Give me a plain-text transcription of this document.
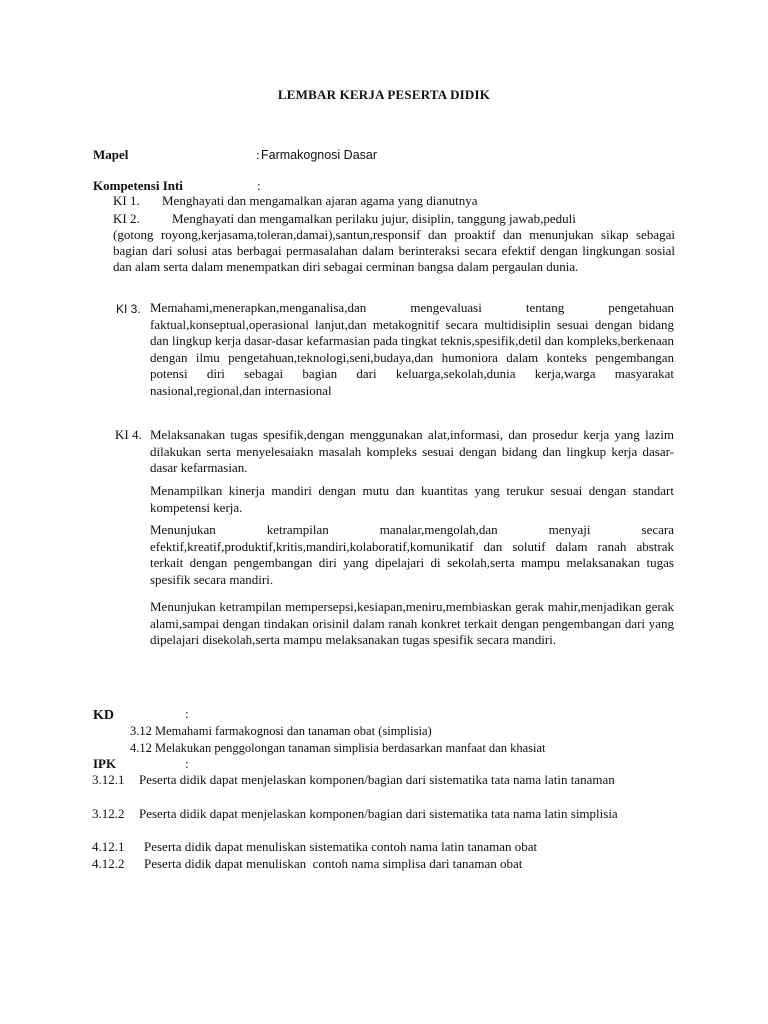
LEMBAR KERJA PESERTA DIDIK
Mapel	: Farmakognosi Dasar
Kompetensi Inti	:
KI 1. Menghayati dan mengamalkan ajaran agama yang dianutnya
KI 2. Menghayati dan mengamalkan perilaku jujur, disiplin, tanggung jawab,peduli
(gotong royong,kerjasama,toleran,damai),santun,responsif dan proaktif dan menunjukan sikap sebagai bagian dari solusi atas berbagai permasalahan dalam berinteraksi secara efektif dengan lingkungan sosial dan alam serta dalam menempatkan diri sebagai cerminan bangsa dalam pergaulan dunia.
KI 3. Memahami,menerapkan,menganalisa,dan mengevaluasi tentang pengetahuan faktual,konseptual,operasional lanjut,dan metakognitif secara multidisiplin sesuai dengan bidang dan lingkup kerja dasar-dasar kefarmasian pada tingkat teknis,spesifik,detil dan kompleks,berkenaan dengan ilmu pengetahuan,teknologi,seni,budaya,dan humoniora dalam konteks pengembangan potensi diri sebagai bagian dari keluarga,sekolah,dunia kerja,warga masyarakat nasional,regional,dan internasional
KI 4. Melaksanakan tugas spesifik,dengan menggunakan alat,informasi, dan prosedur kerja yang lazim dilakukan serta menyelesaiakn masalah kompleks sesuai dengan bidang dan lingkup kerja dasar-dasar kefarmasian.
Menampilkan kinerja mandiri dengan mutu dan kuantitas yang terukur sesuai dengan standart kompetensi kerja.
Menunjukan ketrampilan manalar,mengolah,dan menyaji secara efektif,kreatif,produktif,kritis,mandiri,kolaboratif,komunikatif dan solutif dalam ranah abstrak terkait dengan pengembangan diri yang dipelajari di sekolah,serta mampu melaksanakan tugas spesifik secara mandiri.
Menunjukan ketrampilan mempersepsi,kesiapan,meniru,membiaskan gerak mahir,menjadikan gerak alami,sampai dengan tindakan orisinil dalam ranah konkret terkait dengan pengembangan dari yang dipelajari disekolah,serta mampu melaksanakan tugas spesifik secara mandiri.
KD	:
3.12 Memahami farmakognosi dan tanaman obat (simplisia)
4.12 Melakukan penggolongan tanaman simplisia berdasarkan manfaat dan khasiat
IPK	:
3.12.1	Peserta didik dapat menjelaskan komponen/bagian dari sistematika tata nama latin tanaman
3.12.2	Peserta didik dapat menjelaskan komponen/bagian dari sistematika tata nama latin simplisia
4.12.1	Peserta didik dapat menuliskan sistematika contoh nama latin tanaman obat
4.12.2	Peserta didik dapat menuliskan  contoh nama simplisa dari tanaman obat
